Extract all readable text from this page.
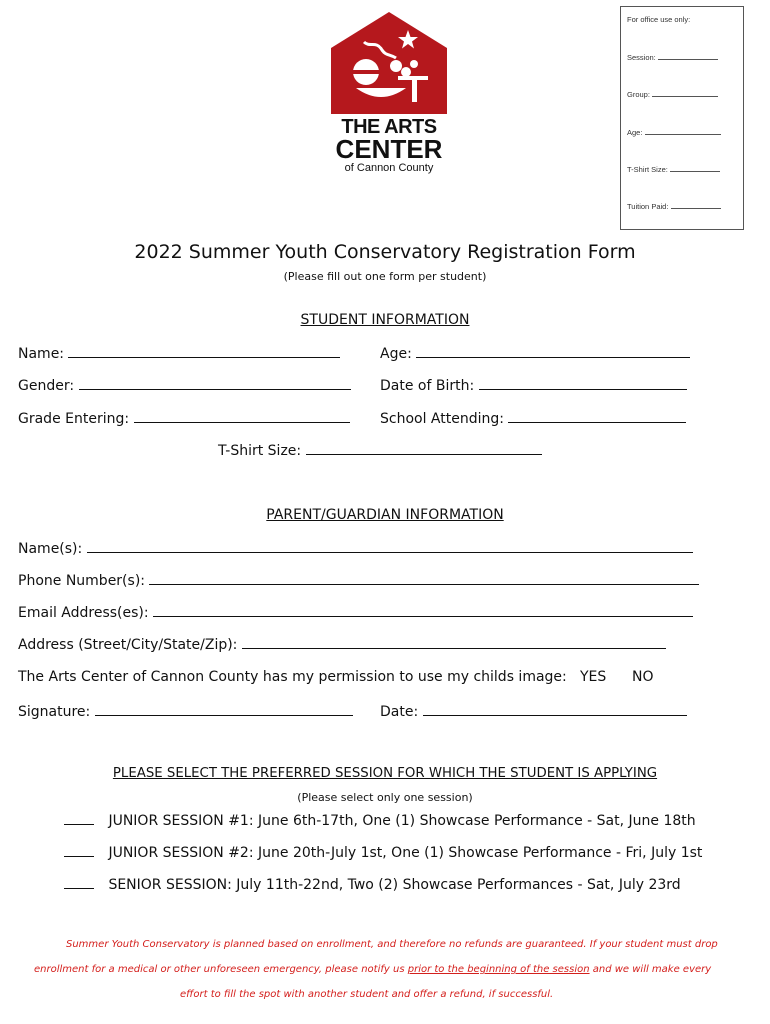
THE ARTS
CENTER
of Cannon County
For office use only:
Session:
Group:
Age:
T-Shirt Size:
Tuition Paid:
2022 Summer Youth Conservatory Registration Form
(Please fill out one form per student)
STUDENT INFORMATION
Name:	Age:
Gender:	Date of Birth:
Grade Entering:	School Attending:
T-Shirt Size:
PARENT/GUARDIAN INFORMATION
Name(s):
Phone Number(s):
Email Address(es):
Address (Street/City/State/Zip):
The Arts Center of Cannon County has my permission to use my childs image: YES NO
Signature:	Date:
PLEASE SELECT THE PREFERRED SESSION FOR WHICH THE STUDENT IS APPLYING
(Please select only one session)
JUNIOR SESSION #1: June 6th-17th, One (1) Showcase Performance - Sat, June 18th
JUNIOR SESSION #2: June 20th-July 1st, One (1) Showcase Performance - Fri, July 1st
SENIOR SESSION: July 11th-22nd, Two (2) Showcase Performances - Sat, July 23rd
Summer Youth Conservatory is planned based on enrollment, and therefore no refunds are guaranteed. If your student must drop
enrollment for a medical or other unforeseen emergency, please notify us prior to the beginning of the session and we will make every
effort to fill the spot with another student and offer a refund, if successful.
